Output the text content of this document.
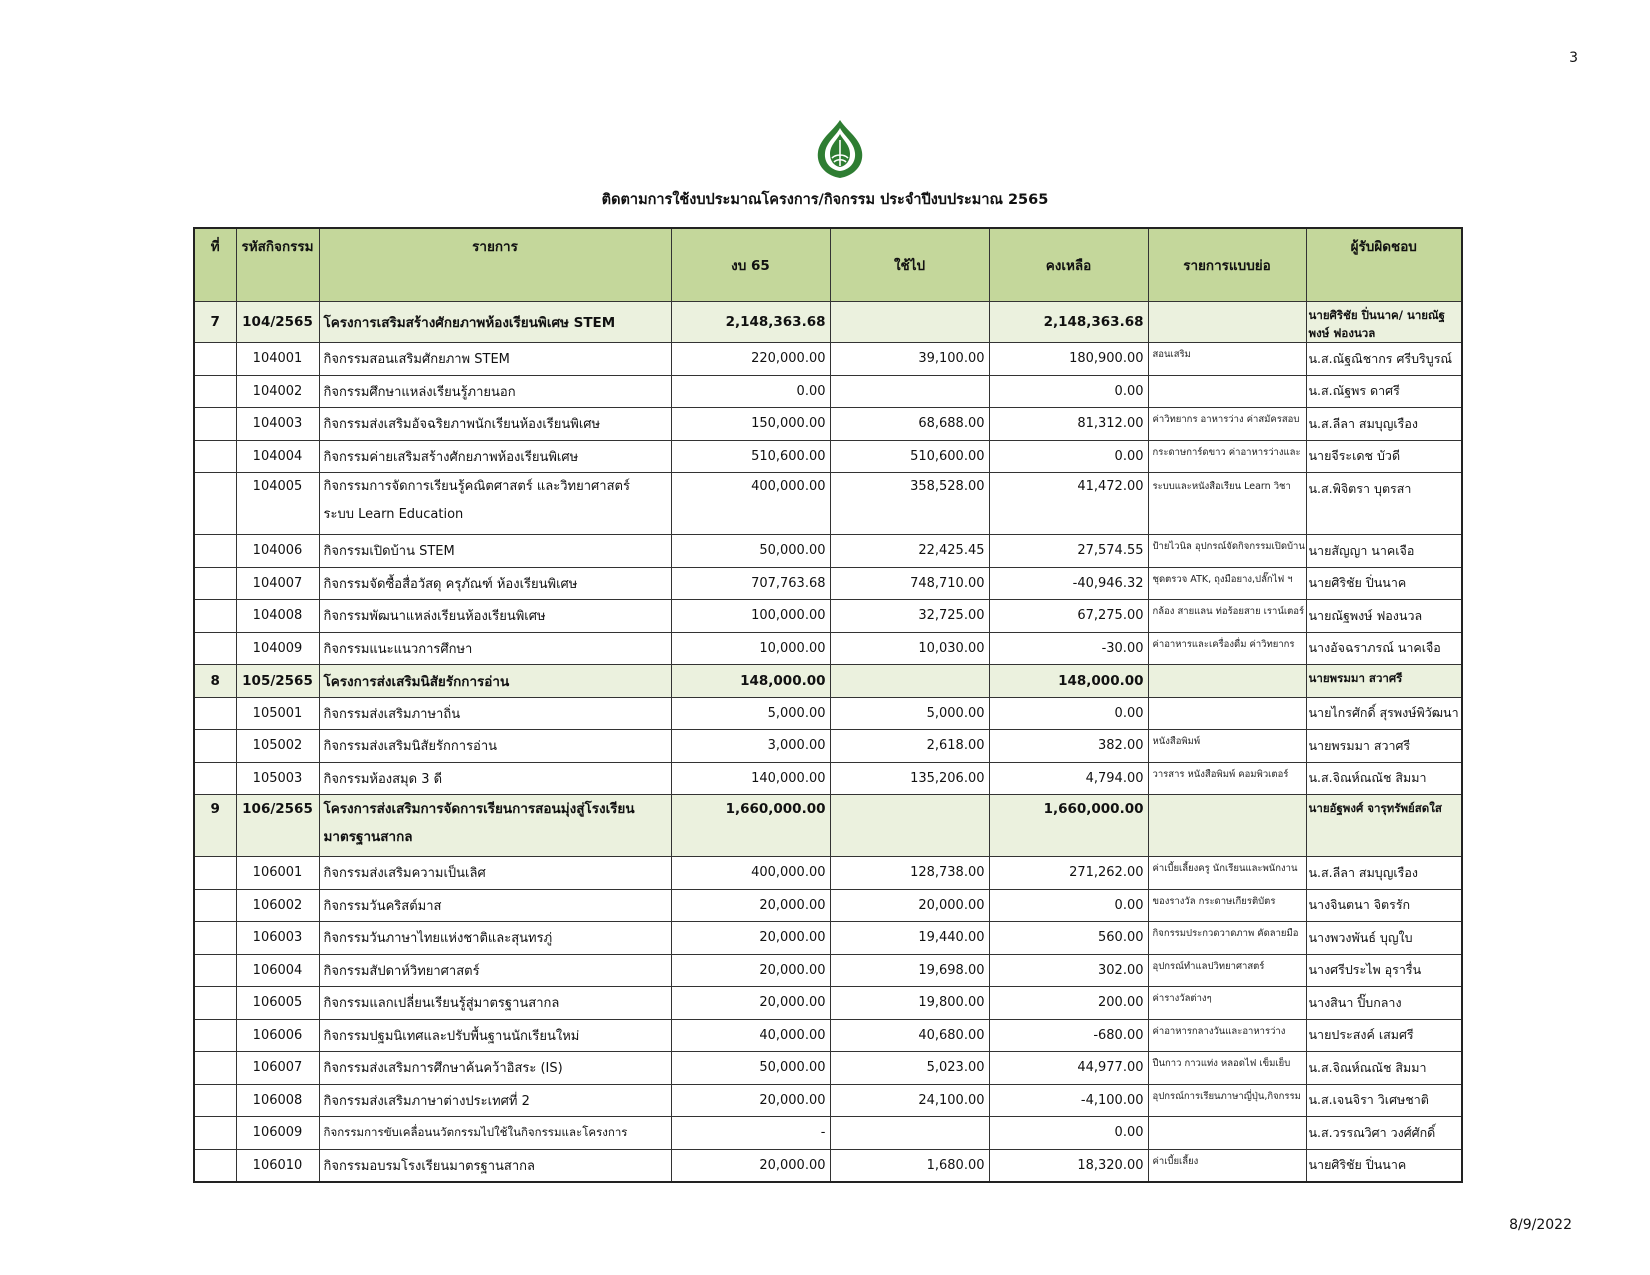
3
ติดตามการใช้งบประมาณโครงการ/กิจกรรม ประจำปีงบประมาณ 2565
ที่	รหัสกิจกรรม	รายการ	งบ 65	ใช้ไป	คงเหลือ	รายการแบบย่อ	ผู้รับผิดชอบ
7	104/2565	โครงการเสริมสร้างศักยภาพห้องเรียนพิเศษ STEM	2,148,363.68		2,148,363.68		นายศิริชัย ปิ่นนาค/ นายณัฐพงษ์ ฟองนวล
	104001	กิจกรรมสอนเสริมศักยภาพ STEM	220,000.00	39,100.00	180,900.00	สอนเสริม	น.ส.ณัฐณิชากร ศรีบริบูรณ์
	104002	กิจกรรมศึกษาแหล่งเรียนรู้ภายนอก	0.00		0.00		น.ส.ณัฐพร ดาศรี
	104003	กิจกรรมส่งเสริมอัจฉริยภาพนักเรียนห้องเรียนพิเศษ	150,000.00	68,688.00	81,312.00	ค่าวิทยากร อาหารว่าง ค่าสมัครสอบ	น.ส.ลีลา สมบุญเรือง
	104004	กิจกรรมค่ายเสริมสร้างศักยภาพห้องเรียนพิเศษ	510,600.00	510,600.00	0.00	กระดาษการ์ดขาว ค่าอาหารว่างและ	นายจีระเดช บัวดี
	104005	กิจกรรมการจัดการเรียนรู้คณิตศาสตร์ และวิทยาศาสตร์
ระบบ Learn Education	400,000.00	358,528.00	41,472.00	ระบบและหนังสือเรียน Learn วิชา	น.ส.พิจิตรา บุตรสา
	104006	กิจกรรมเปิดบ้าน STEM	50,000.00	22,425.45	27,574.55	ป้ายไวนิล อุปกรณ์จัดกิจกรรมเปิดบ้าน	นายสัญญา นาคเจือ
	104007	กิจกรรมจัดซื้อสื่อวัสดุ ครุภัณฑ์ ห้องเรียนพิเศษ	707,763.68	748,710.00	-40,946.32	ชุดตรวจ ATK, ถุงมือยาง,ปลั๊กไฟ ฯ	นายศิริชัย ปิ่นนาค
	104008	กิจกรรมพัฒนาแหล่งเรียนห้องเรียนพิเศษ	100,000.00	32,725.00	67,275.00	กล้อง สายแลน ท่อร้อยสาย เราน์เตอร์	นายณัฐพงษ์ ฟองนวล
	104009	กิจกรรมแนะแนวการศึกษา	10,000.00	10,030.00	-30.00	ค่าอาหารและเครื่องดื่ม ค่าวิทยากร	นางอัจฉราภรณ์ นาคเจือ
8	105/2565	โครงการส่งเสริมนิสัยรักการอ่าน	148,000.00		148,000.00		นายพรมมา สวาศรี
	105001	กิจกรรมส่งเสริมภาษาถิ่น	5,000.00	5,000.00	0.00		นายไกรศักดิ์ สุรพงษ์พิวัฒนา
	105002	กิจกรรมส่งเสริมนิสัยรักการอ่าน	3,000.00	2,618.00	382.00	หนังสือพิมพ์	นายพรมมา สวาศรี
	105003	กิจกรรมห้องสมุด 3 ดี	140,000.00	135,206.00	4,794.00	วารสาร หนังสือพิมพ์ คอมพิวเตอร์	น.ส.จิณห์ณณัช สิมมา
9	106/2565	โครงการส่งเสริมการจัดการเรียนการสอนมุ่งสู่โรงเรียน
มาตรฐานสากล	1,660,000.00		1,660,000.00		นายอัฐพงศ์ จารุทรัพย์สดใส
	106001	กิจกรรมส่งเสริมความเป็นเลิศ	400,000.00	128,738.00	271,262.00	ค่าเบี้ยเลี้ยงครู นักเรียนและพนักงาน	น.ส.ลีลา สมบุญเรือง
	106002	กิจกรรมวันคริสต์มาส	20,000.00	20,000.00	0.00	ของรางวัล กระดาษเกียรติบัตร	นางจินตนา จิตรรัก
	106003	กิจกรรมวันภาษาไทยแห่งชาติและสุนทรภู่	20,000.00	19,440.00	560.00	กิจกรรมประกวดวาดภาพ คัดลายมือ	นางพวงพันธ์ บุญใบ
	106004	กิจกรรมสัปดาห์วิทยาศาสตร์	20,000.00	19,698.00	302.00	อุปกรณ์ทำแลปวิทยาศาสตร์	นางศรีประไพ อุรารื่น
	106005	กิจกรรมแลกเปลี่ยนเรียนรู้สู่มาตรฐานสากล	20,000.00	19,800.00	200.00	ค่ารางวัลต่างๆ	นางสินา ปิ๊บกลาง
	106006	กิจกรรมปฐมนิเทศและปรับพื้นฐานนักเรียนใหม่	40,000.00	40,680.00	-680.00	ค่าอาหารกลางวันและอาหารว่าง	นายประสงค์ เสมศรี
	106007	กิจกรรมส่งเสริมการศึกษาค้นคว้าอิสระ (IS)	50,000.00	5,023.00	44,977.00	ปืนกาว กาวแท่ง หลอดไฟ เข็มเย็บ	น.ส.จิณห์ณณัช สิมมา
	106008	กิจกรรมส่งเสริมภาษาต่างประเทศที่ 2	20,000.00	24,100.00	-4,100.00	อุปกรณ์การเรียนภาษาญี่ปุ่น,กิจกรรม	น.ส.เจนจิรา วิเศษชาติ
	106009	กิจกรรมการขับเคลื่อนนวัตกรรมไปใช้ในกิจกรรมและโครงการ	-		0.00		น.ส.วรรณวิศา วงศ์ศักดิ์
	106010	กิจกรรมอบรมโรงเรียนมาตรฐานสากล	20,000.00	1,680.00	18,320.00	ค่าเบี้ยเลี้ยง	นายศิริชัย ปิ่นนาค
8/9/2022
